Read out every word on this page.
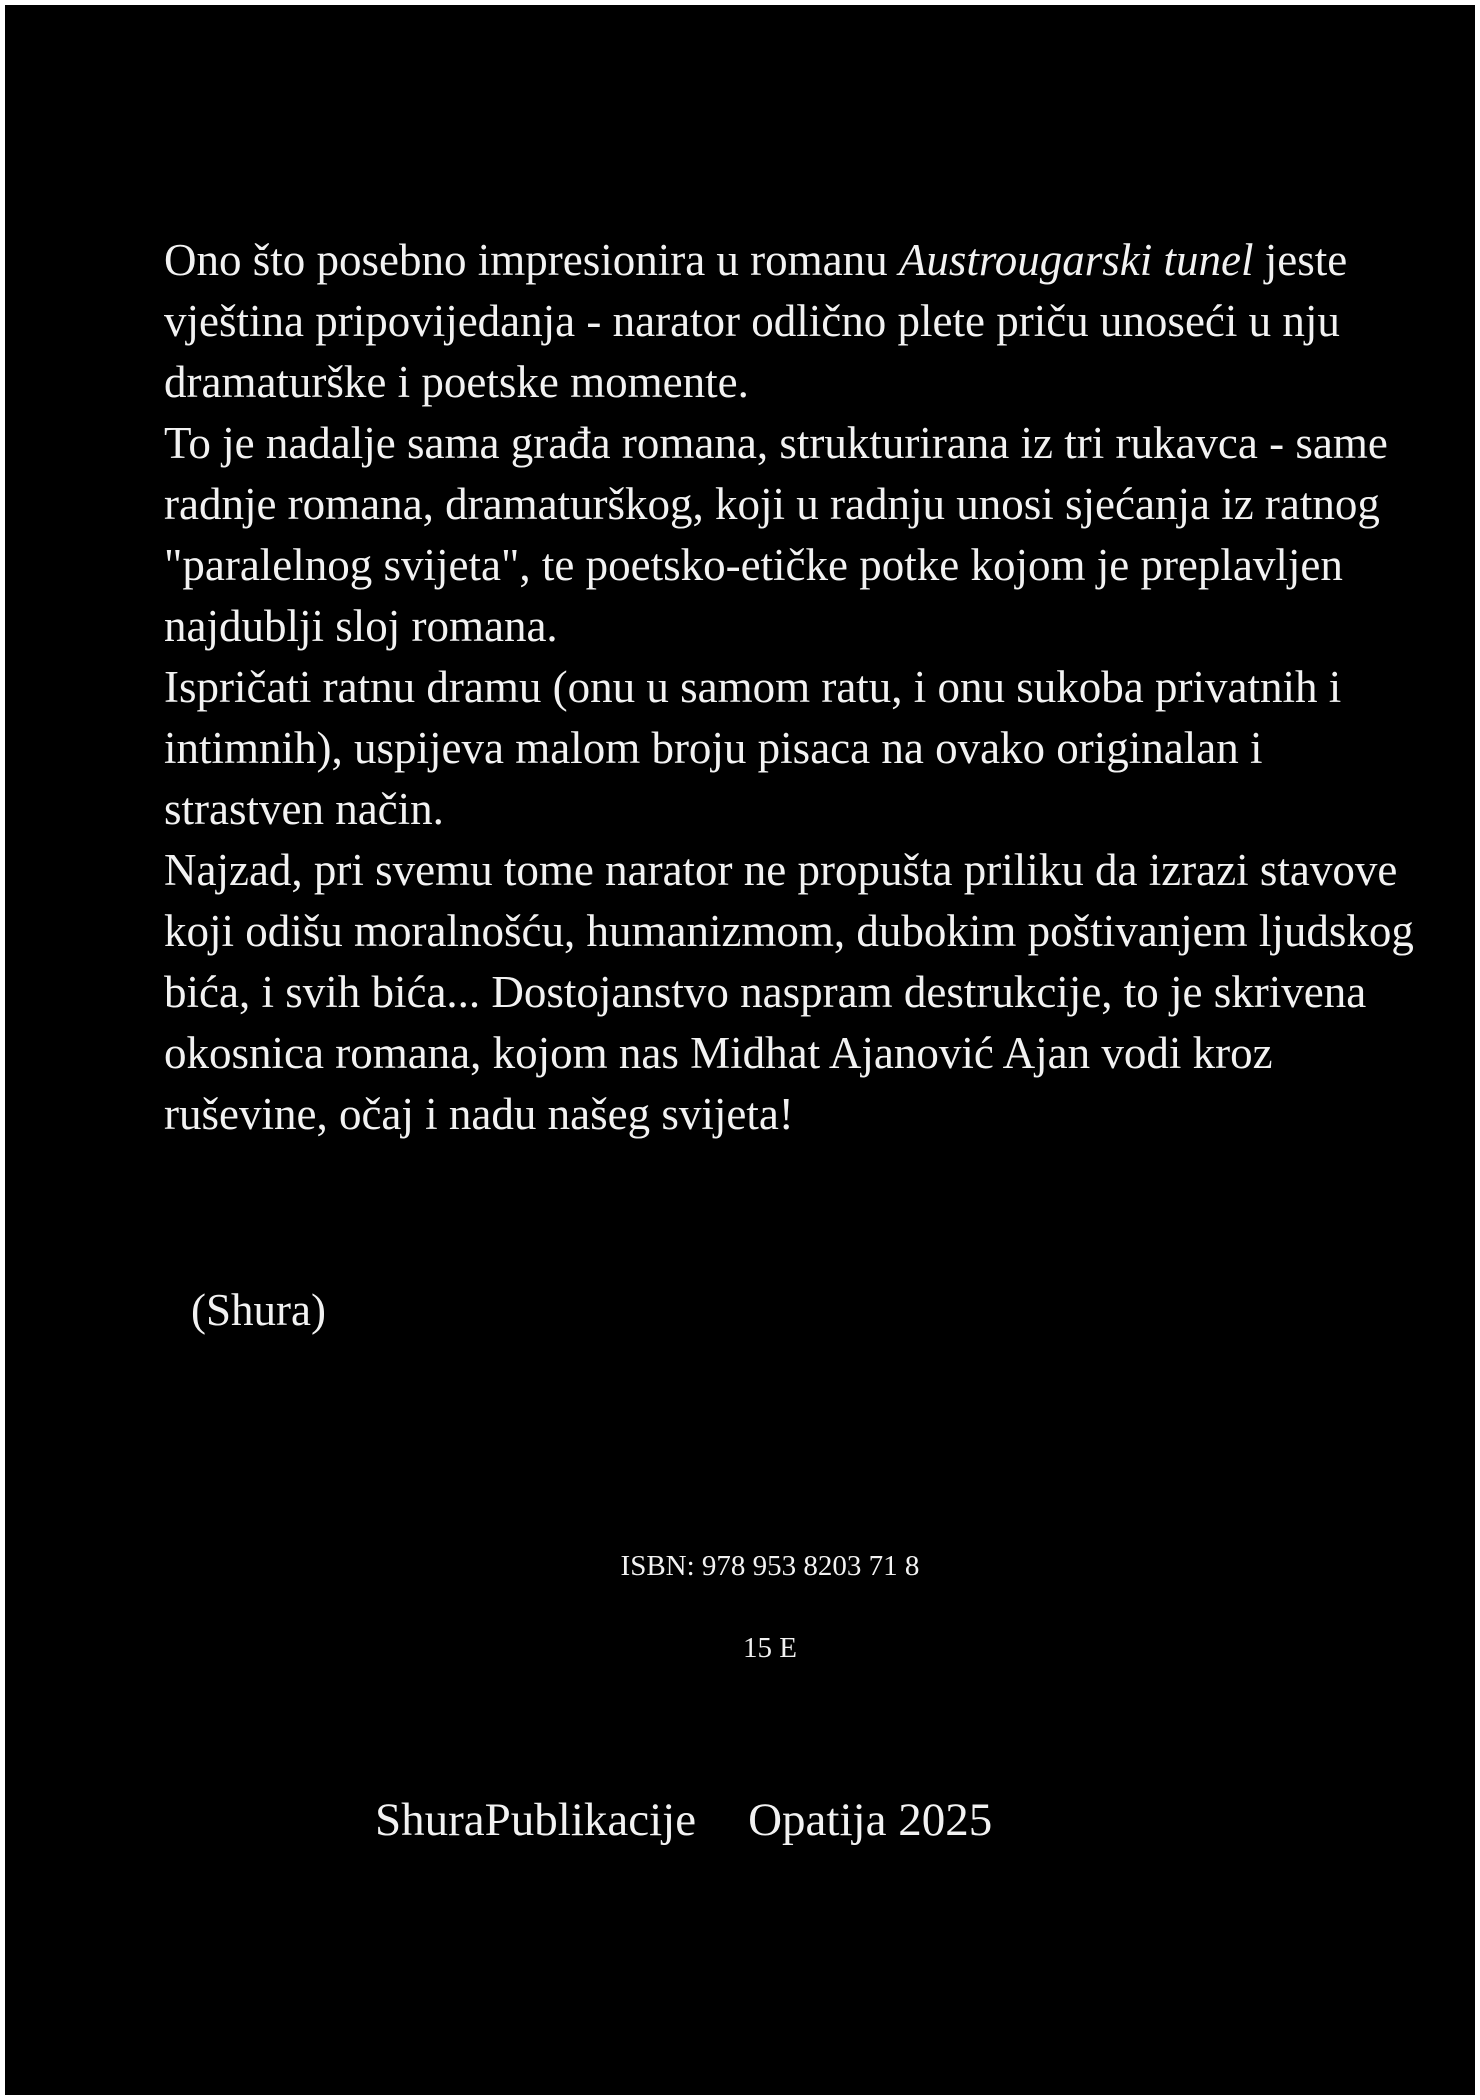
Ono što posebno impresionira u romanu Austrougarski tunel jeste vještina pripovijedanja - narator odlično plete priču unoseći u nju dramaturške i poetske momente.

To je nadalje sama građa romana, strukturirana iz tri rukavca - same radnje romana, dramaturškog, koji u radnju unosi sjećanja iz ratnog "paralelnog svijeta", te poetsko-etičke potke kojom je preplavljen najdublji sloj romana.

Ispričati ratnu dramu (onu u samom ratu, i onu sukoba privatnih i intimnih), uspijeva malom broju pisaca na ovako originalan i strastven način.

Najzad, pri svemu tome narator ne propušta priliku da izrazi stavove koji odišu moralnošću, humanizmom, dubokim poštivanjem ljudskog bića, i svih bića... Dostojanstvo naspram destrukcije, to je skrivena okosnica romana, kojom nas Midhat Ajanović Ajan vodi kroz ruševine, očaj i nadu našeg svijeta!

(Shura)
ISBN: 978 953 8203 71 8
15 E
ShuraPublikacije Opatija 2025
